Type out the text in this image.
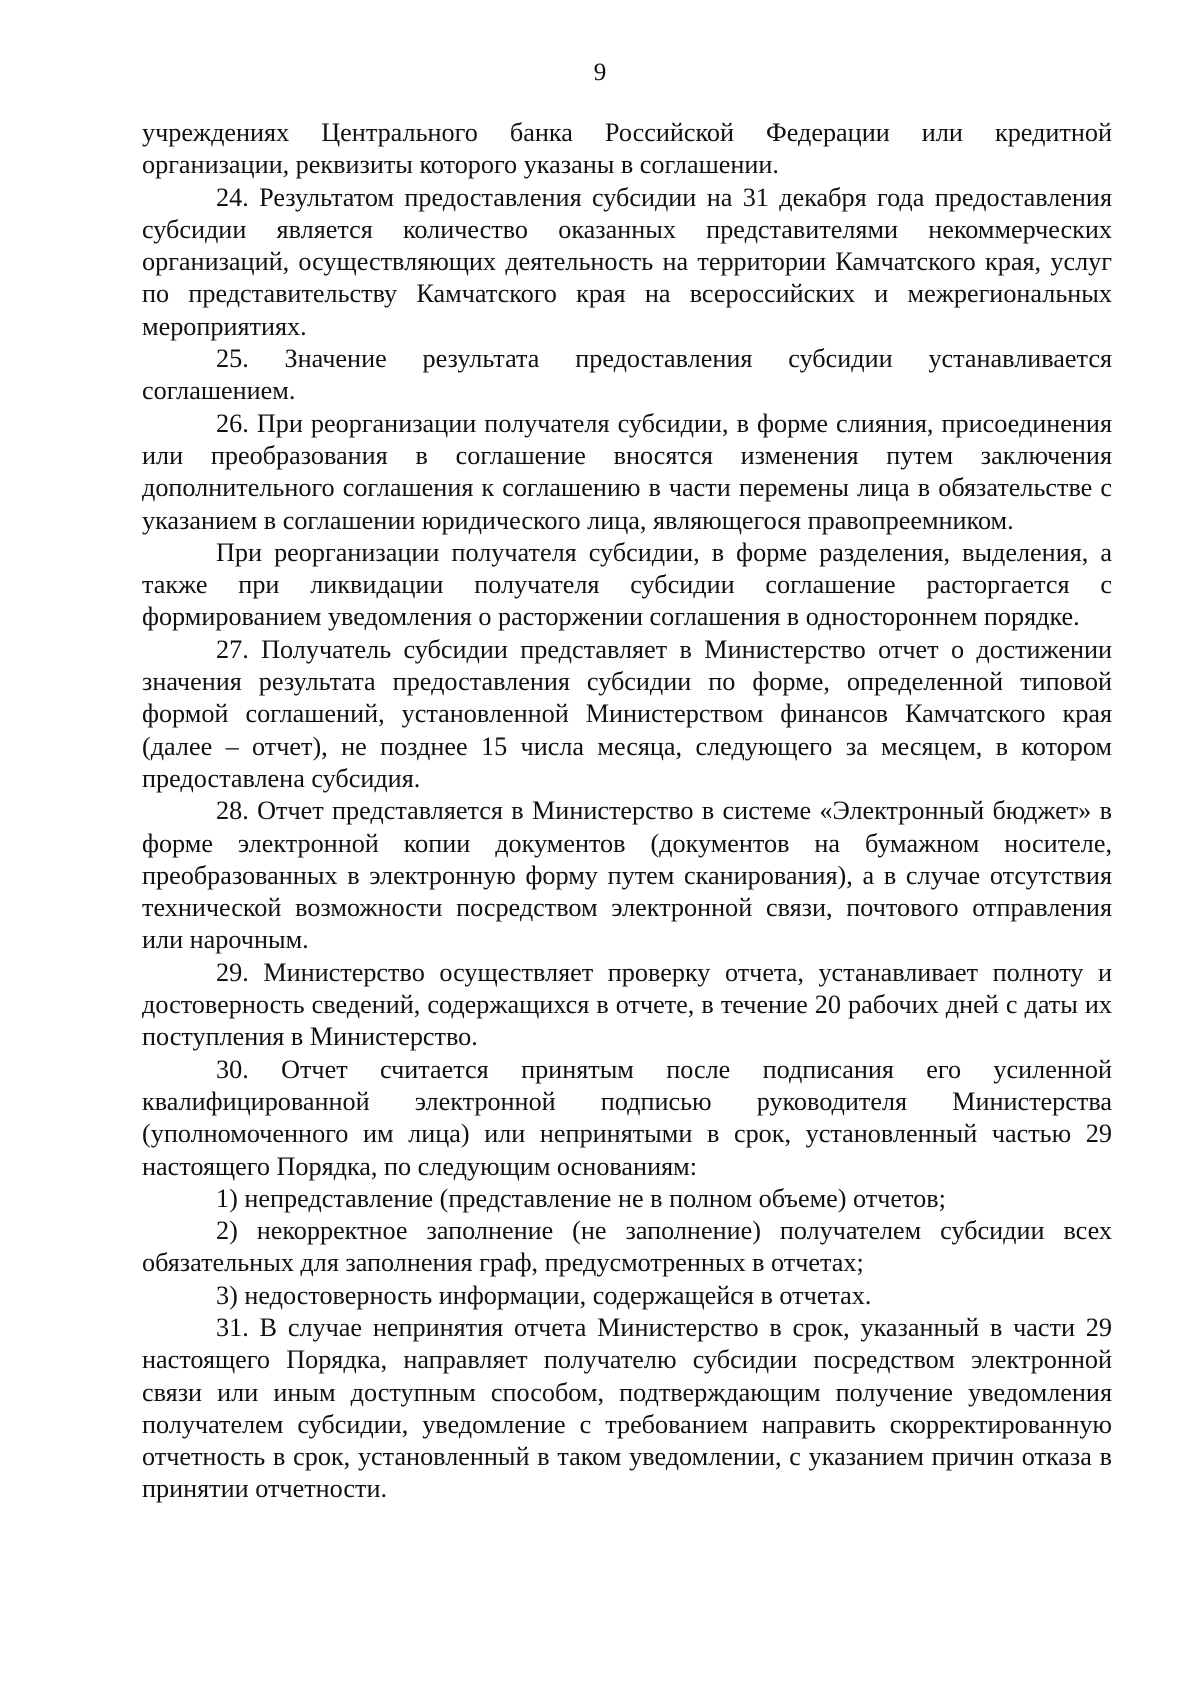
9

учреждениях Центрального банка Российской Федерации или кредитной организации, реквизиты которого указаны в соглашении.

24. Результатом предоставления субсидии на 31 декабря года предоставления субсидии является количество оказанных представителями некоммерческих организаций, осуществляющих деятельность на территории Камчатского края, услуг по представительству Камчатского края на всероссийских и межрегиональных мероприятиях.

25. Значение результата предоставления субсидии устанавливается соглашением.

26. При реорганизации получателя субсидии, в форме слияния, присоединения или преобразования в соглашение вносятся изменения путем заключения дополнительного соглашения к соглашению в части перемены лица в обязательстве с указанием в соглашении юридического лица, являющегося правопреемником.

При реорганизации получателя субсидии, в форме разделения, выделения, а также при ликвидации получателя субсидии соглашение расторгается с формированием уведомления о расторжении соглашения в одностороннем порядке.

27. Получатель субсидии представляет в Министерство отчет о достижении значения результата предоставления субсидии по форме, определенной типовой формой соглашений, установленной Министерством финансов Камчатского края (далее – отчет), не позднее 15 числа месяца, следующего за месяцем, в котором предоставлена субсидия.

28. Отчет представляется в Министерство в системе «Электронный бюджет» в форме электронной копии документов (документов на бумажном носителе, преобразованных в электронную форму путем сканирования), а в случае отсутствия технической возможности посредством электронной связи, почтового отправления или нарочным.

29. Министерство осуществляет проверку отчета, устанавливает полноту и достоверность сведений, содержащихся в отчете, в течение 20 рабочих дней с даты их поступления в Министерство.

30. Отчет считается принятым после подписания его усиленной квалифицированной электронной подписью руководителя Министерства (уполномоченного им лица) или непринятыми в срок, установленный частью 29 настоящего Порядка, по следующим основаниям:

1) непредставление (представление не в полном объеме) отчетов;

2) некорректное заполнение (не заполнение) получателем субсидии всех обязательных для заполнения граф, предусмотренных в отчетах;

3) недостоверность информации, содержащейся в отчетах.

31. В случае непринятия отчета Министерство в срок, указанный в части 29 настоящего Порядка, направляет получателю субсидии посредством электронной связи или иным доступным способом, подтверждающим получение уведомления получателем субсидии, уведомление с требованием направить скорректированную отчетность в срок, установленный в таком уведомлении, с указанием причин отказа в принятии отчетности.
